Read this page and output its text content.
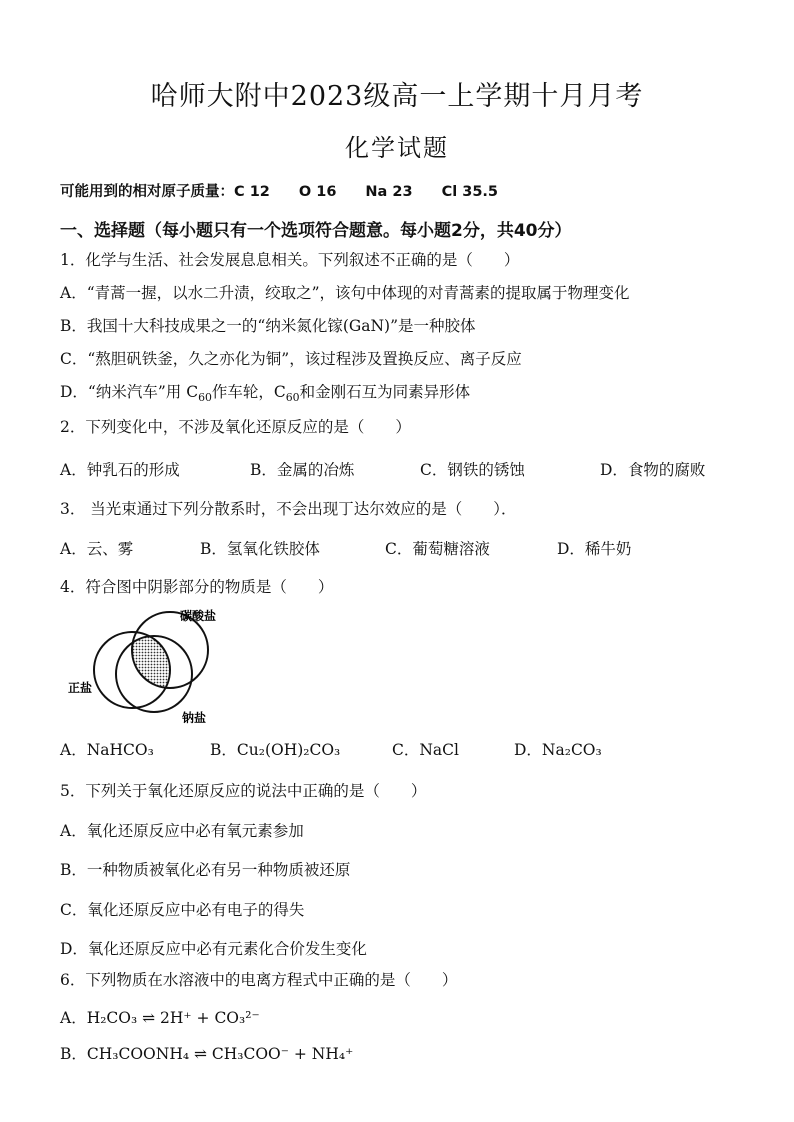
哈师大附中2023级高一上学期十月月考
化学试题
可能用到的相对原子质量：C 12　　O 16　　Na 23　　Cl 35.5
一、选择题（每小题只有一个选项符合题意。每小题2分，共40分）
1．化学与生活、社会发展息息相关。下列叙述不正确的是（　　）
A．“青蒿一握，以水二升渍，绞取之”，该句中体现的对青蒿素的提取属于物理变化
B．我国十大科技成果之一的“纳米氮化镓(GaN)”是一种胶体
C．“熬胆矾铁釜，久之亦化为铜”，该过程涉及置换反应、离子反应
D．“纳米汽车”用 $C_{60}$作车轮，$C_{60}$和金刚石互为同素异形体
2．下列变化中，不涉及氧化还原反应的是（　　）
A．钟乳石的形成	B．金属的冶炼	C．钢铁的锈蚀	D．食物的腐败
3． 当光束通过下列分散系时，不会出现丁达尔效应的是（　　）．
A．云、雾	B．氢氧化铁胶体	C．葡萄糖溶液	D．稀牛奶
4．符合图中阴影部分的物质是（　　）
碳酸盐
正盐
钠盐
A．NaHCO₃	B．Cu₂(OH)₂CO₃	C．NaCl	D．Na₂CO₃
5．下列关于氧化还原反应的说法中正确的是（　　）
A．氧化还原反应中必有氧元素参加
B．一种物质被氧化必有另一种物质被还原
C．氧化还原反应中必有电子的得失
D．氧化还原反应中必有元素化合价发生变化
6．下列物质在水溶液中的电离方程式中正确的是（　　）
A．H₂CO₃ ⇌ 2H⁺ + CO₃²⁻
B．CH₃COONH₄ ⇌ CH₃COO⁻ + NH₄⁺
